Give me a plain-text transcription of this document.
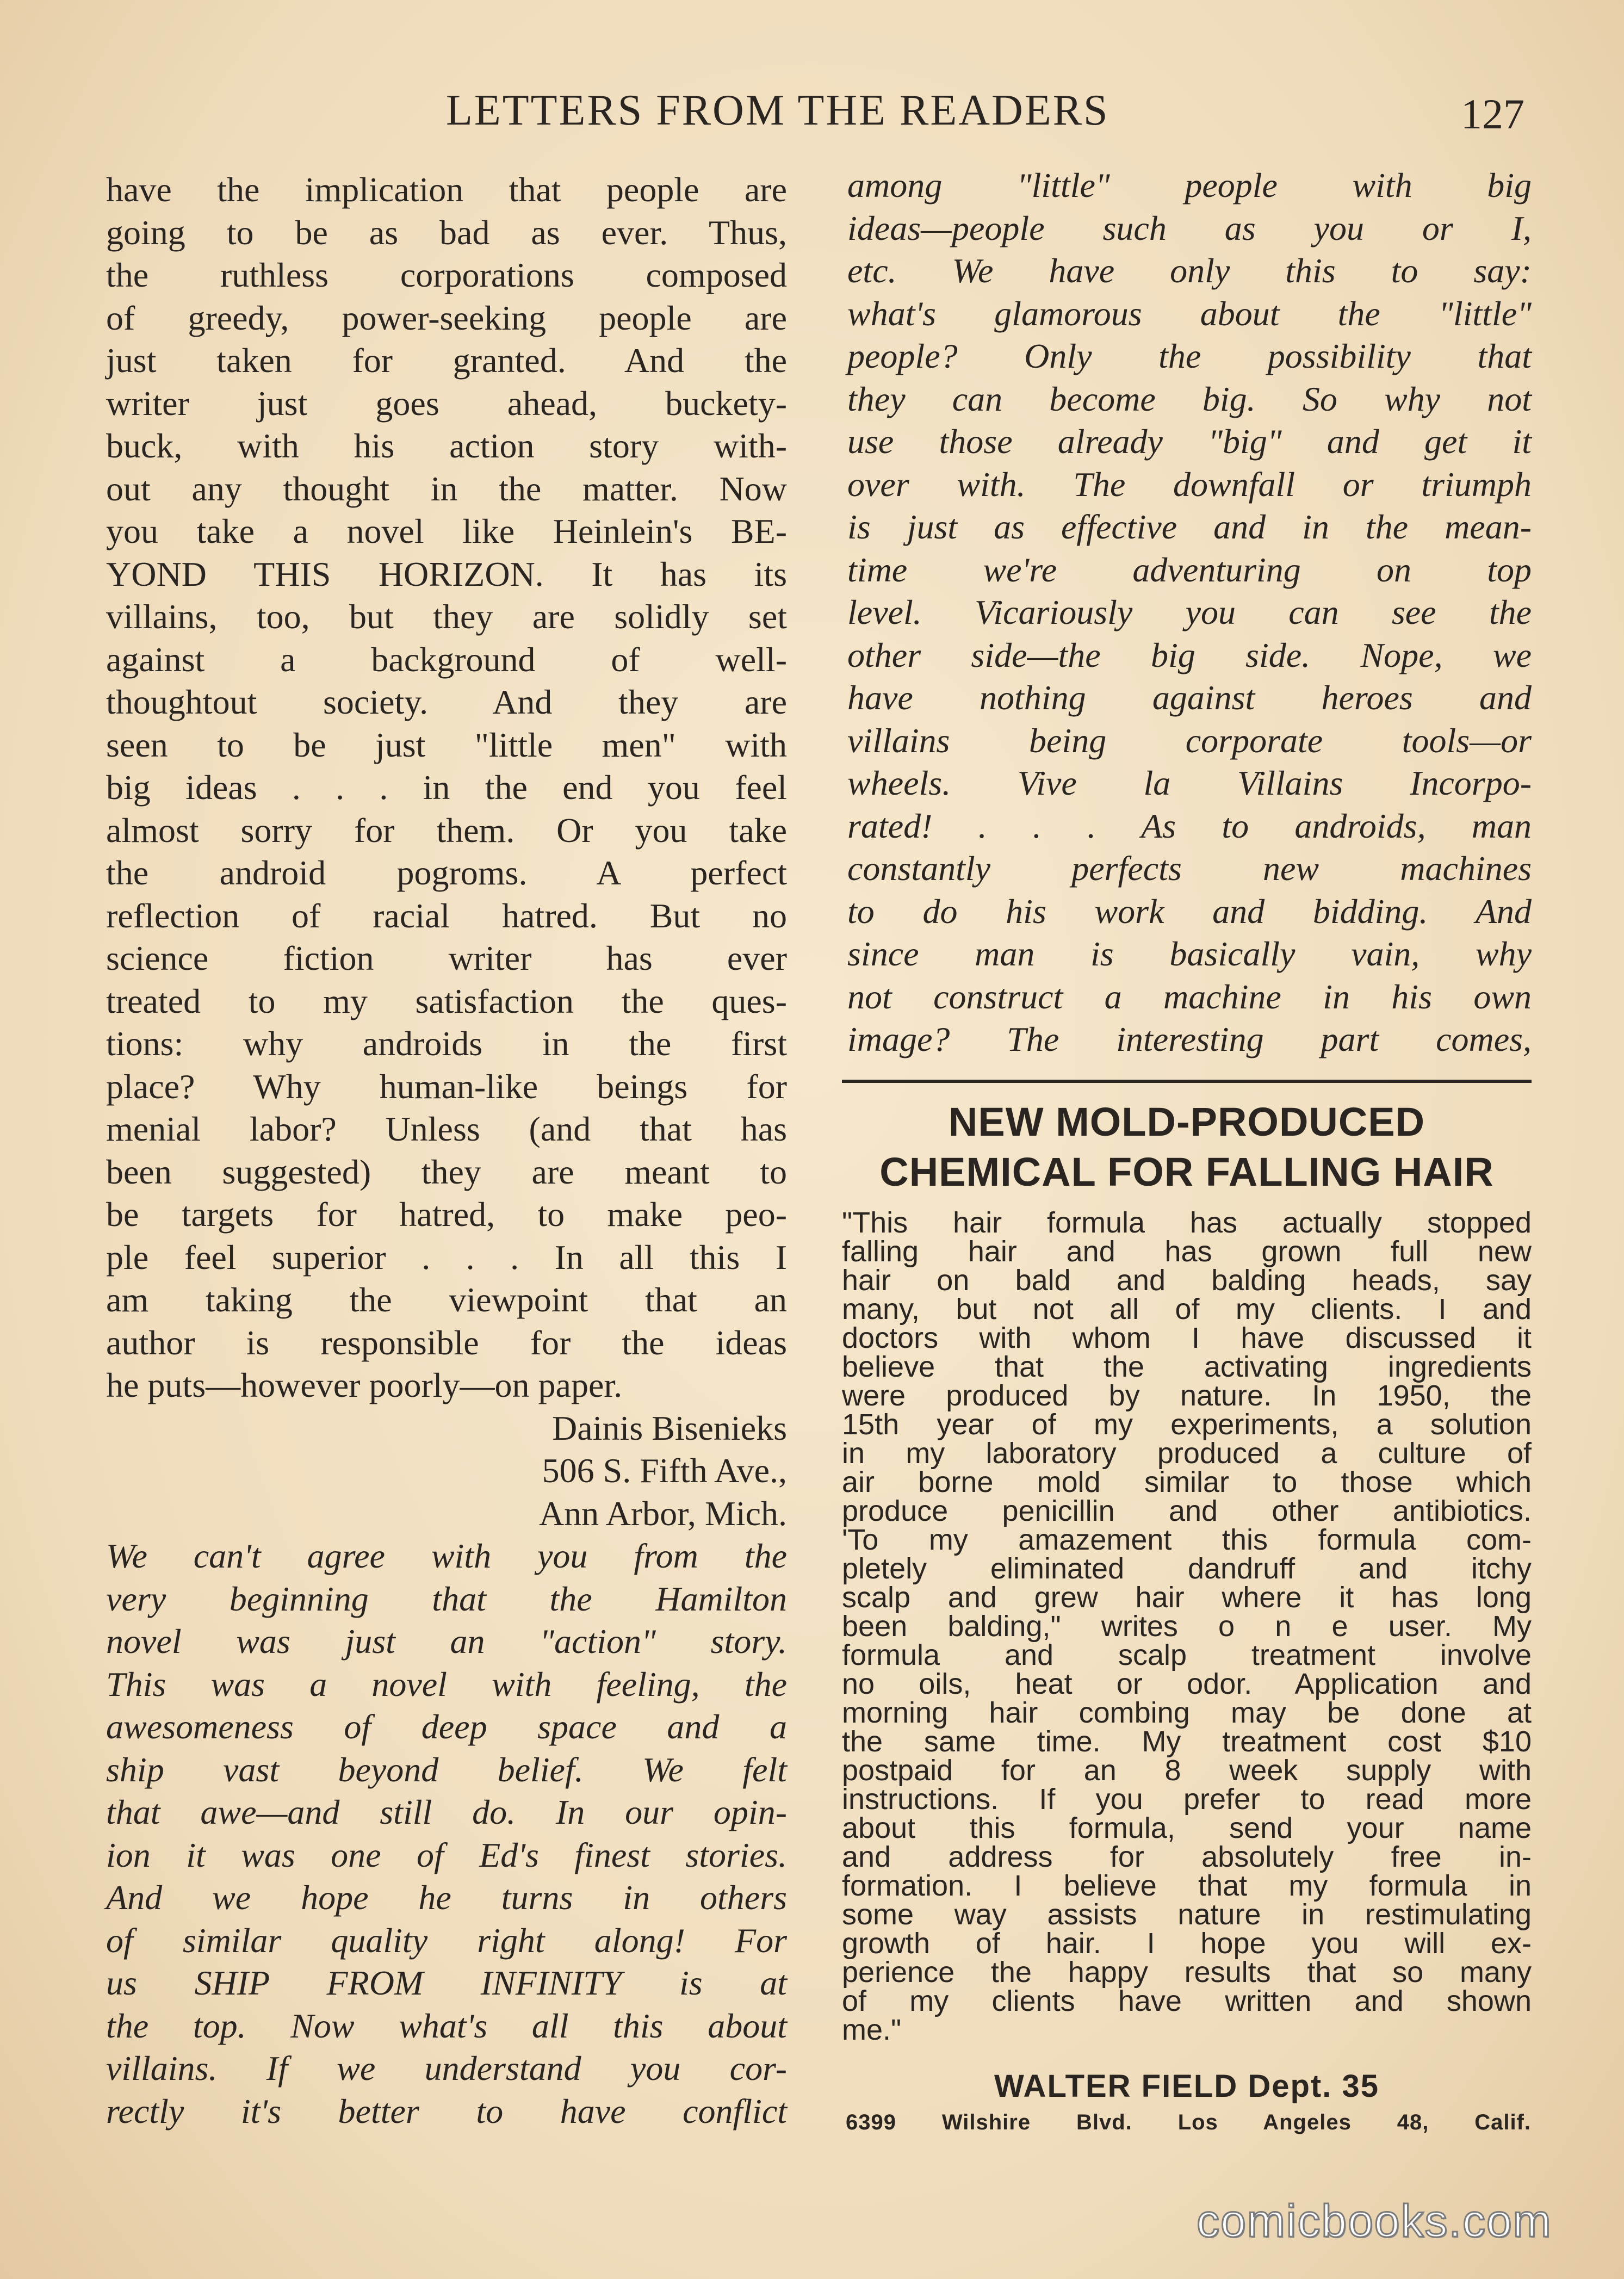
LETTERS FROM THE READERS	127
have the implication that people are
going to be as bad as ever. Thus,
the ruthless corporations composed
of greedy, power-seeking people are
just taken for granted. And the
writer just goes ahead, buckety-
buck, with his action story with-
out any thought in the matter. Now
you take a novel like Heinlein's BE-
YOND THIS HORIZON. It has its
villains, too, but they are solidly set
against a background of well-
thoughtout society. And they are
seen to be just "little men" with
big ideas . . . in the end you feel
almost sorry for them. Or you take
the android pogroms. A perfect
reflection of racial hatred. But no
science fiction writer has ever
treated to my satisfaction the ques-
tions: why androids in the first
place? Why human-like beings for
menial labor? Unless (and that has
been suggested) they are meant to
be targets for hatred, to make peo-
ple feel superior . . . In all this I
am taking the viewpoint that an
author is responsible for the ideas
he puts—however poorly—on paper.
Dainis Bisenieks
506 S. Fifth Ave.,
Ann Arbor, Mich.
We can't agree with you from the
very beginning that the Hamilton
novel was just an "action" story.
This was a novel with feeling, the
awesomeness of deep space and a
ship vast beyond belief. We felt
that awe—and still do. In our opin-
ion it was one of Ed's finest stories.
And we hope he turns in others
of similar quality right along! For
us SHIP FROM INFINITY is at
the top. Now what's all this about
villains. If we understand you cor-
rectly it's better to have conflict
among "little" people with big
ideas—people such as you or I,
etc. We have only this to say:
what's glamorous about the "little"
people? Only the possibility that
they can become big. So why not
use those already "big" and get it
over with. The downfall or triumph
is just as effective and in the mean-
time we're adventuring on top
level. Vicariously you can see the
other side—the big side. Nope, we
have nothing against heroes and
villains being corporate tools—or
wheels. Vive la Villains Incorpo-
rated! . . . As to androids, man
constantly perfects new machines
to do his work and bidding. And
since man is basically vain, why
not construct a machine in his own
image? The interesting part comes,
NEW MOLD-PRODUCED
CHEMICAL FOR FALLING HAIR
"This hair formula has actually stopped
falling hair and has grown full new
hair on bald and balding heads, say
many, but not all of my clients. I and
doctors with whom I have discussed it
believe that the activating ingredients
were produced by nature. In 1950, the
15th year of my experiments, a solution
in my laboratory produced a culture of
air borne mold similar to those which
produce penicillin and other antibiotics.
'To my amazement this formula com-
pletely eliminated dandruff and itchy
scalp and grew hair where it has long
been balding," writes o n e user. My
formula and scalp treatment involve
no oils, heat or odor. Application and
morning hair combing may be done at
the same time. My treatment cost $10
postpaid for an 8 week supply with
instructions. If you prefer to read more
about this formula, send your name
and address for absolutely free in-
formation. I believe that my formula in
some way assists nature in restimulating
growth of hair. I hope you will ex-
perience the happy results that so many
of my clients have written and shown
me."
WALTER FIELD Dept. 35
6399 Wilshire Blvd. Los Angeles 48, Calif.
comicbooks.com
